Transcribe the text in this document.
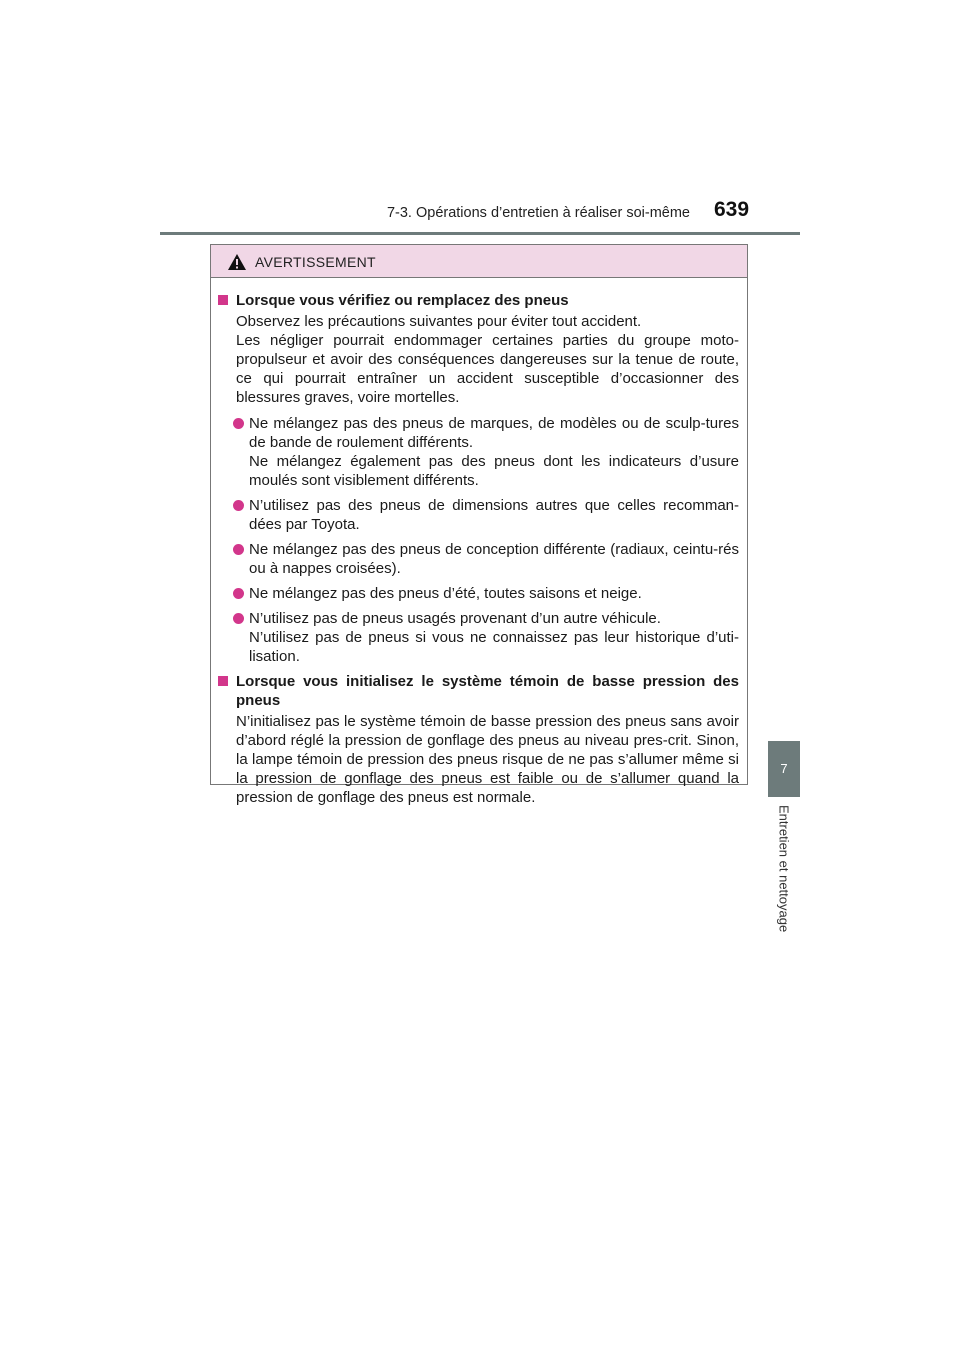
7-3. Opérations d’entretien à réaliser soi-même 639
7
Entretien et nettoyage
AVERTISSEMENT
Lorsque vous vérifiez ou remplacez des pneus
Observez les précautions suivantes pour éviter tout accident.
Les négliger pourrait endommager certaines parties du groupe moto-propulseur et avoir des conséquences dangereuses sur la tenue de route, ce qui pourrait entraîner un accident susceptible d’occasionner des blessures graves, voire mortelles.
Ne mélangez pas des pneus de marques, de modèles ou de sculp-tures de bande de roulement différents.
Ne mélangez également pas des pneus dont les indicateurs d’usure moulés sont visiblement différents.
N’utilisez pas des pneus de dimensions autres que celles recomman-dées par Toyota.
Ne mélangez pas des pneus de conception différente (radiaux, ceintu-rés ou à nappes croisées).
Ne mélangez pas des pneus d’été, toutes saisons et neige.
N’utilisez pas de pneus usagés provenant d’un autre véhicule.
N’utilisez pas de pneus si vous ne connaissez pas leur historique d’uti-lisation.
Lorsque vous initialisez le système témoin de basse pression des pneus
N’initialisez pas le système témoin de basse pression des pneus sans avoir d’abord réglé la pression de gonflage des pneus au niveau pres-crit. Sinon, la lampe témoin de pression des pneus risque de ne pas s’allumer même si la pression de gonflage des pneus est faible ou de s’allumer quand la pression de gonflage des pneus est normale.
